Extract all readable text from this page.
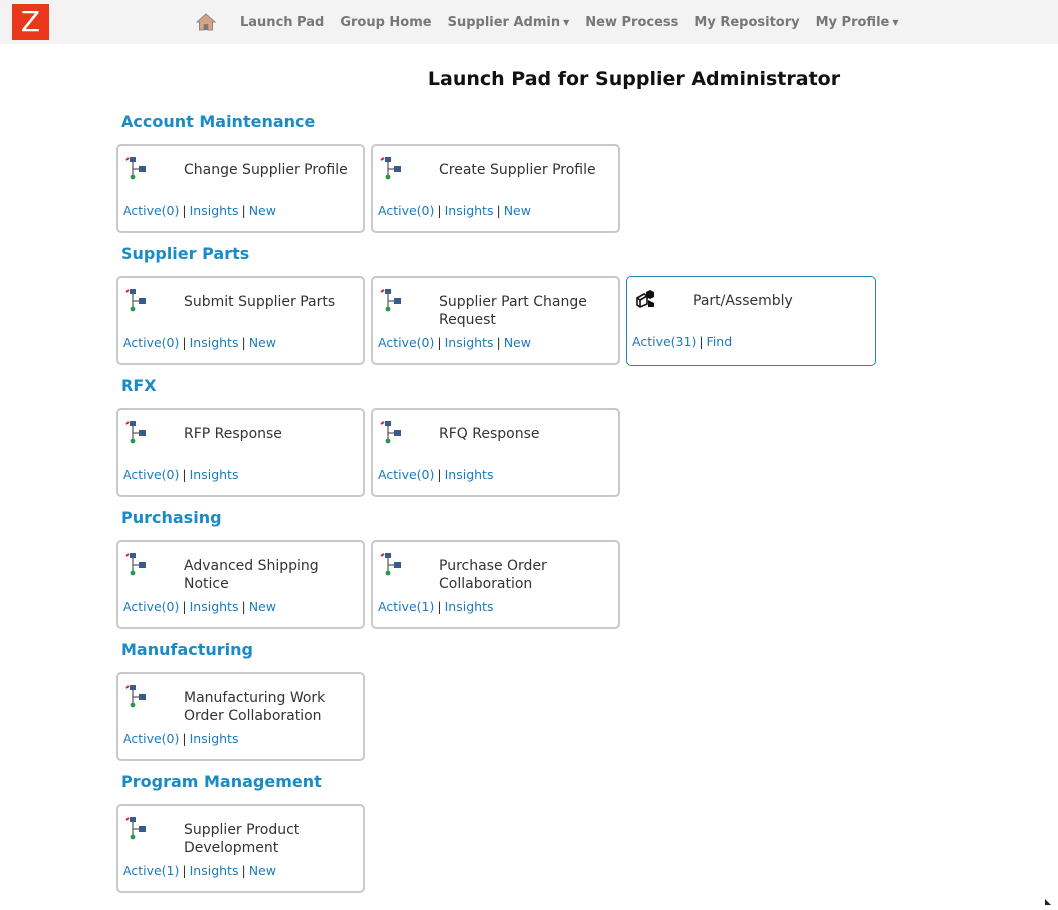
Z	Launch Pad Group Home Supplier Admin ▼ New Process My Repository My Profile ▼
Launch Pad for Supplier Administrator
Account Maintenance
Change Supplier Profile
Active(0) | Insights | New
Create Supplier Profile
Active(0) | Insights | New
Supplier Parts
Submit Supplier Parts
Active(0) | Insights | New
Supplier Part Change Request
Active(0) | Insights | New
Part/Assembly
Active(31) | Find
RFX
RFP Response
Active(0) | Insights
RFQ Response
Active(0) | Insights
Purchasing
Advanced Shipping Notice
Active(0) | Insights | New
Purchase Order Collaboration
Active(1) | Insights
Manufacturing
Manufacturing Work Order Collaboration
Active(0) | Insights
Program Management
Supplier Product Development
Active(1) | Insights | New
